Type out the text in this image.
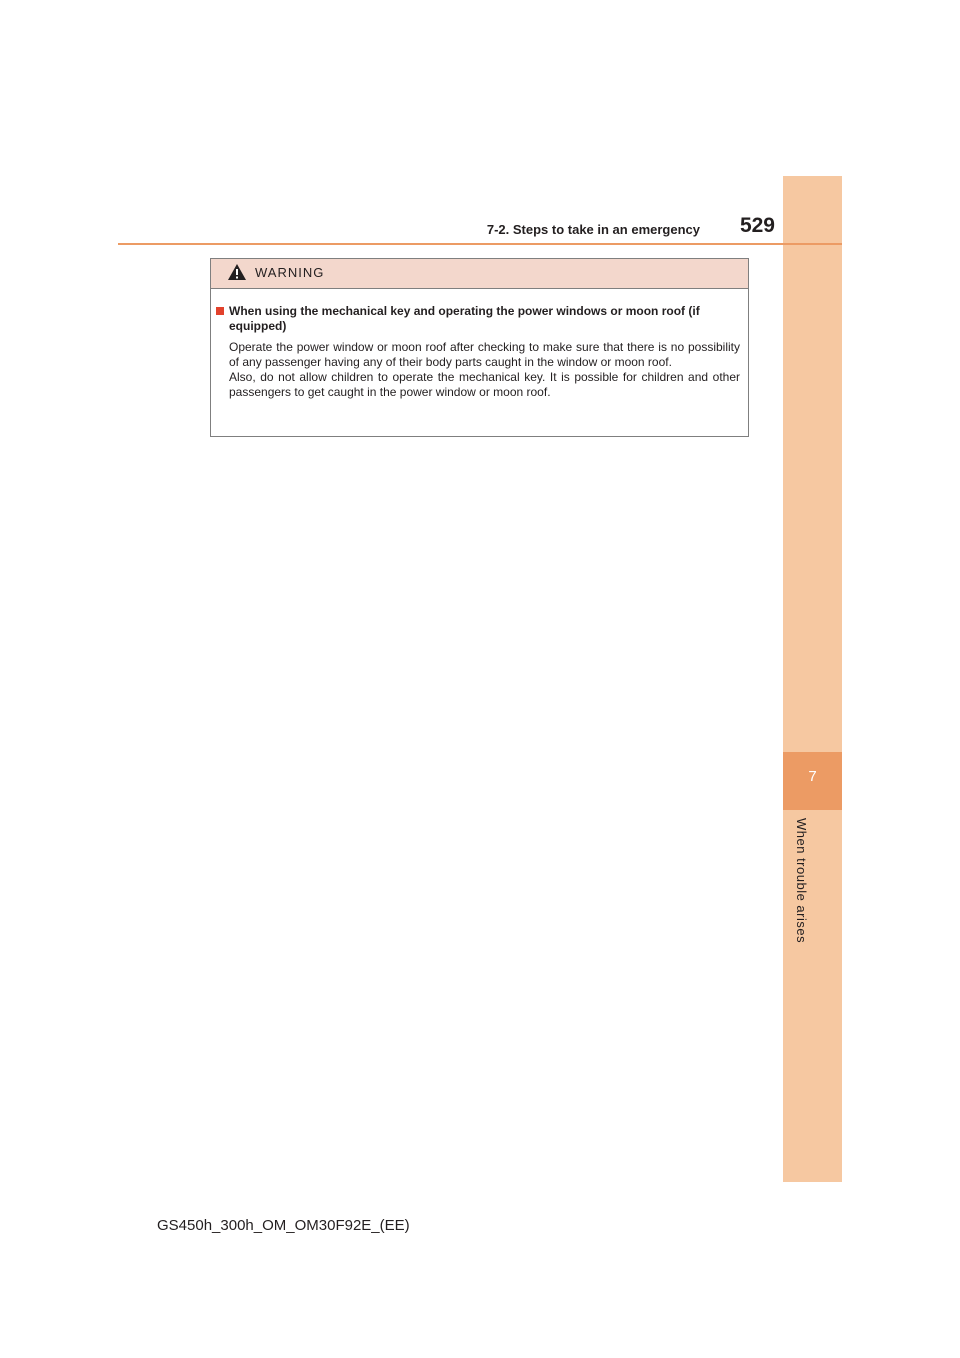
7
When trouble arises
7-2. Steps to take in an emergency	529
WARNING
When using the mechanical key and operating the power windows or moon roof (if equipped)
Operate the power window or moon roof after checking to make sure that there is no possibility of any passenger having any of their body parts caught in the window or moon roof.
Also, do not allow children to operate the mechanical key. It is possible for children and other passengers to get caught in the power window or moon roof.
GS450h_300h_OM_OM30F92E_(EE)
